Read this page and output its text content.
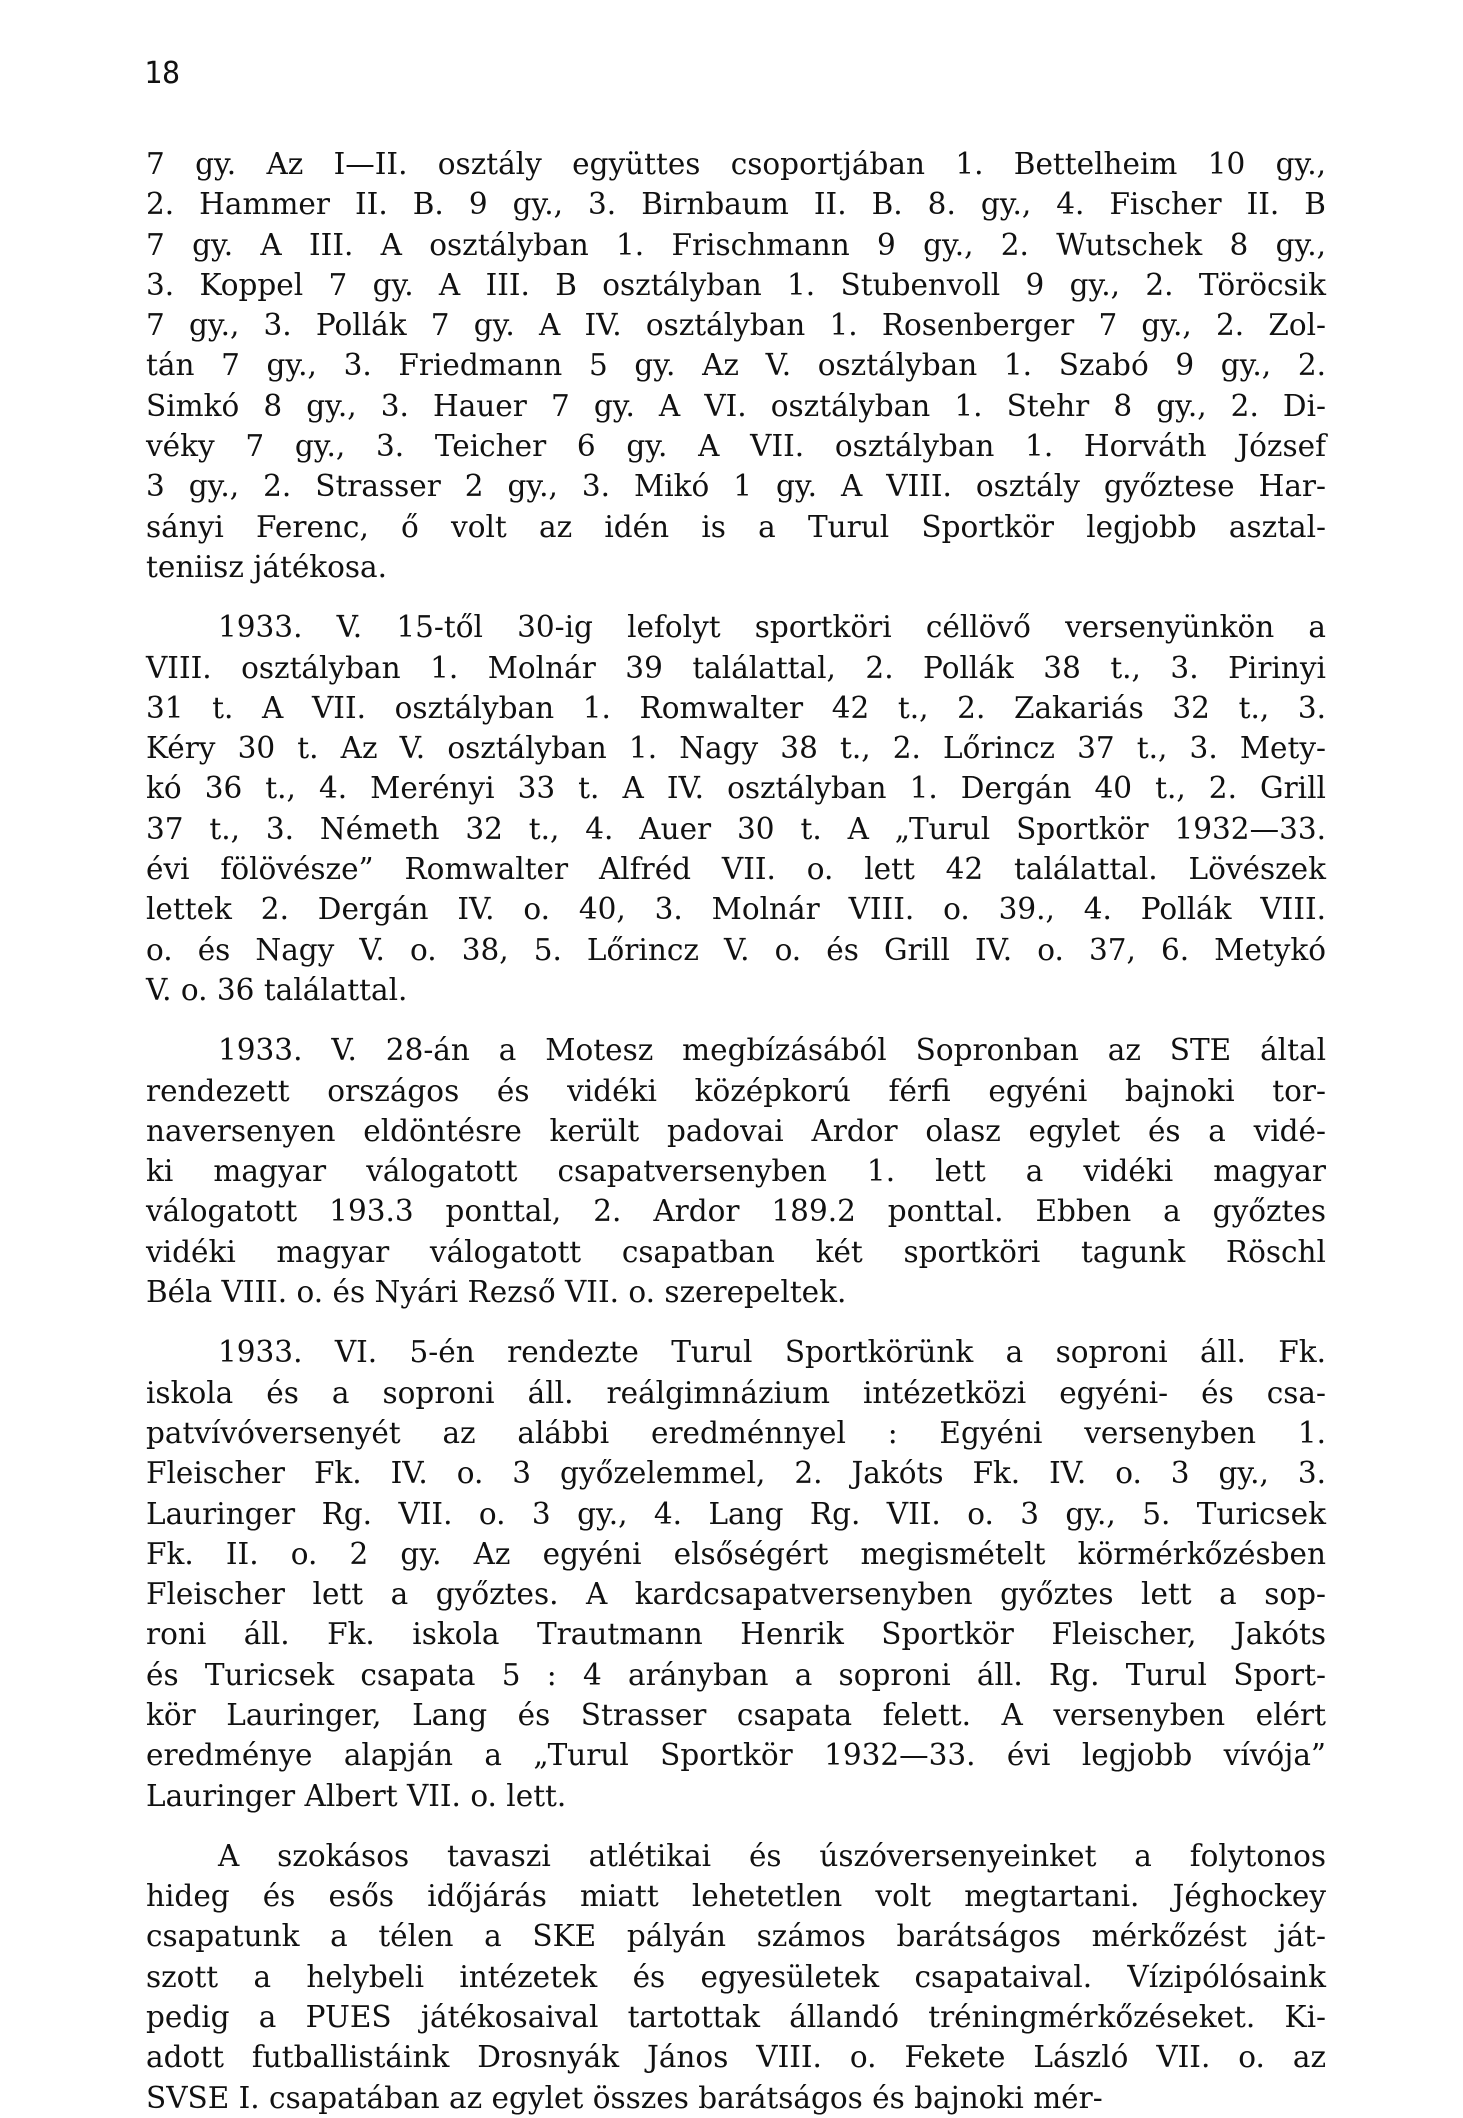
18
7 gy. Az I—II. osztály együttes csoportjában 1. Bettelheim 10 gy.,
2. Hammer II. B. 9 gy., 3. Birnbaum II. B. 8. gy., 4. Fischer II. B
7 gy. A III. A osztályban 1. Frischmann 9 gy., 2. Wutschek 8 gy.,
3. Koppel 7 gy. A III. B osztályban 1. Stubenvoll 9 gy., 2. Töröcsik
7 gy., 3. Pollák 7 gy. A IV. osztályban 1. Rosenberger 7 gy., 2. Zol-
tán 7 gy., 3. Friedmann 5 gy. Az V. osztályban 1. Szabó 9 gy., 2.
Simkó 8 gy., 3. Hauer 7 gy. A VI. osztályban 1. Stehr 8 gy., 2. Di-
véky 7 gy., 3. Teicher 6 gy. A VII. osztályban 1. Horváth József
3 gy., 2. Strasser 2 gy., 3. Mikó 1 gy. A VIII. osztály győztese Har-
sányi Ferenc, ő volt az idén is a Turul Sportkör legjobb asztal-
teniisz játékosa.
1933. V. 15-től 30-ig lefolyt sportköri céllövő versenyünkön a
VIII. osztályban 1. Molnár 39 találattal, 2. Pollák 38 t., 3. Pirinyi
31 t. A VII. osztályban 1. Romwalter 42 t., 2. Zakariás 32 t., 3.
Kéry 30 t. Az V. osztályban 1. Nagy 38 t., 2. Lőrincz 37 t., 3. Mety-
kó 36 t., 4. Merényi 33 t. A IV. osztályban 1. Dergán 40 t., 2. Grill
37 t., 3. Németh 32 t., 4. Auer 30 t. A „Turul Sportkör 1932—33.
évi fölövésze” Romwalter Alfréd VII. o. lett 42 találattal. Lövészek
lettek 2. Dergán IV. o. 40, 3. Molnár VIII. o. 39., 4. Pollák VIII.
o. és Nagy V. o. 38, 5. Lőrincz V. o. és Grill IV. o. 37, 6. Metykó
V. o. 36 találattal.
1933. V. 28-án a Motesz megbízásából Sopronban az STE által
rendezett országos és vidéki középkorú férfi egyéni bajnoki tor-
naversenyen eldöntésre került padovai Ardor olasz egylet és a vidé-
ki magyar válogatott csapatversenyben 1. lett a vidéki magyar
válogatott 193.3 ponttal, 2. Ardor 189.2 ponttal. Ebben a győztes
vidéki magyar válogatott csapatban két sportköri tagunk Röschl
Béla VIII. o. és Nyári Rezső VII. o. szerepeltek.
1933. VI. 5-én rendezte Turul Sportkörünk a soproni áll. Fk.
iskola és a soproni áll. reálgimnázium intézetközi egyéni- és csa-
patvívóversenyét az alábbi eredménnyel : Egyéni versenyben 1.
Fleischer Fk. IV. o. 3 győzelemmel, 2. Jakóts Fk. IV. o. 3 gy., 3.
Lauringer Rg. VII. o. 3 gy., 4. Lang Rg. VII. o. 3 gy., 5. Turicsek
Fk. II. o. 2 gy. Az egyéni elsőségért megismételt körmérkőzésben
Fleischer lett a győztes. A kardcsapatversenyben győztes lett a sop-
roni áll. Fk. iskola Trautmann Henrik Sportkör Fleischer, Jakóts
és Turicsek csapata 5 : 4 arányban a soproni áll. Rg. Turul Sport-
kör Lauringer, Lang és Strasser csapata felett. A versenyben elért
eredménye alapján a „Turul Sportkör 1932—33. évi legjobb vívója”
Lauringer Albert VII. o. lett.
A szokásos tavaszi atlétikai és úszóversenyeinket a folytonos
hideg és esős időjárás miatt lehetetlen volt megtartani. Jéghockey
csapatunk a télen a SKE pályán számos barátságos mérkőzést ját-
szott a helybeli intézetek és egyesületek csapataival. Vízipólósaink
pedig a PUES játékosaival tartottak állandó tréningmérkőzéseket. Ki-
adott futballistáink Drosnyák János VIII. o. Fekete László VII. o. az
SVSE I. csapatában az egylet összes barátságos és bajnoki mér-
